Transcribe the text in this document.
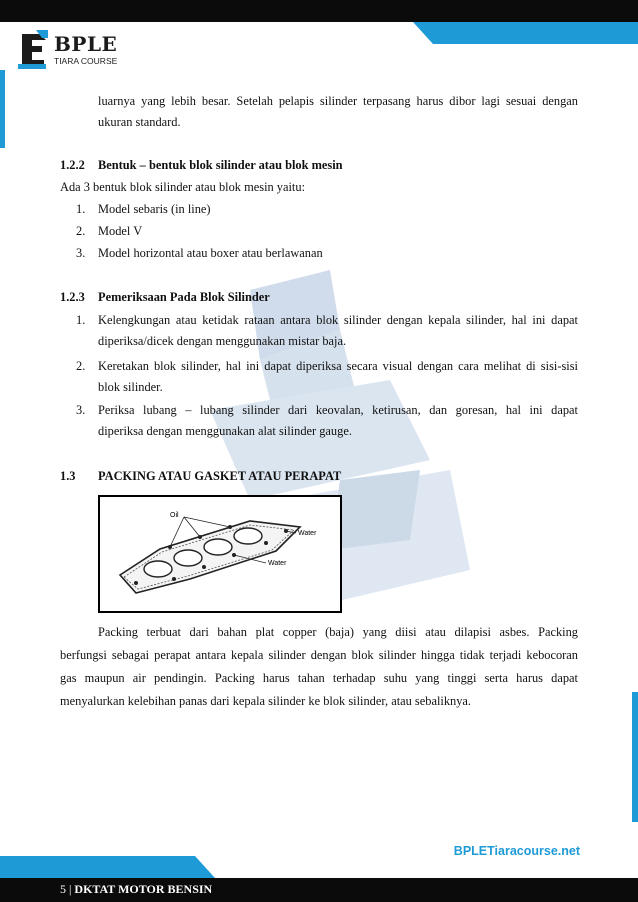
BPLE
TIARA COURSE
luarnya yang lebih besar. Setelah pelapis silinder terpasang harus dibor lagi sesuai dengan
ukuran standard.
1.2.2 Bentuk – bentuk blok silinder atau blok mesin
Ada 3 bentuk blok silinder atau blok mesin yaitu:
1. Model sebaris (in line)
2. Model V
3. Model horizontal atau boxer atau berlawanan
1.2.3 Pemeriksaan Pada Blok Silinder
1. Kelengkungan atau ketidak rataan antara blok silinder dengan kepala silinder, hal ini dapat
diperiksa/dicek dengan menggunakan mistar baja.
2. Keretakan blok silinder, hal ini dapat diperiksa secara visual dengan cara melihat di sisi-sisi
blok silinder.
3. Periksa lubang – lubang silinder dari keovalan, ketirusan, dan goresan, hal ini dapat
diperiksa dengan menggunakan alat silinder gauge.
1.3 PACKING ATAU GASKET ATAU PERAPAT
Oil
Water
Water
Packing terbuat dari bahan plat copper (baja) yang diisi atau dilapisi asbes. Packing
berfungsi sebagai perapat antara kepala silinder dengan blok silinder hingga tidak terjadi kebocoran
gas maupun air pendingin. Packing harus tahan terhadap suhu yang tinggi serta harus dapat
menyalurkan kelebihan panas dari kepala silinder ke blok silinder, atau sebaliknya.
BPLETiaracourse.net
5 | DKTAT MOTOR BENSIN
